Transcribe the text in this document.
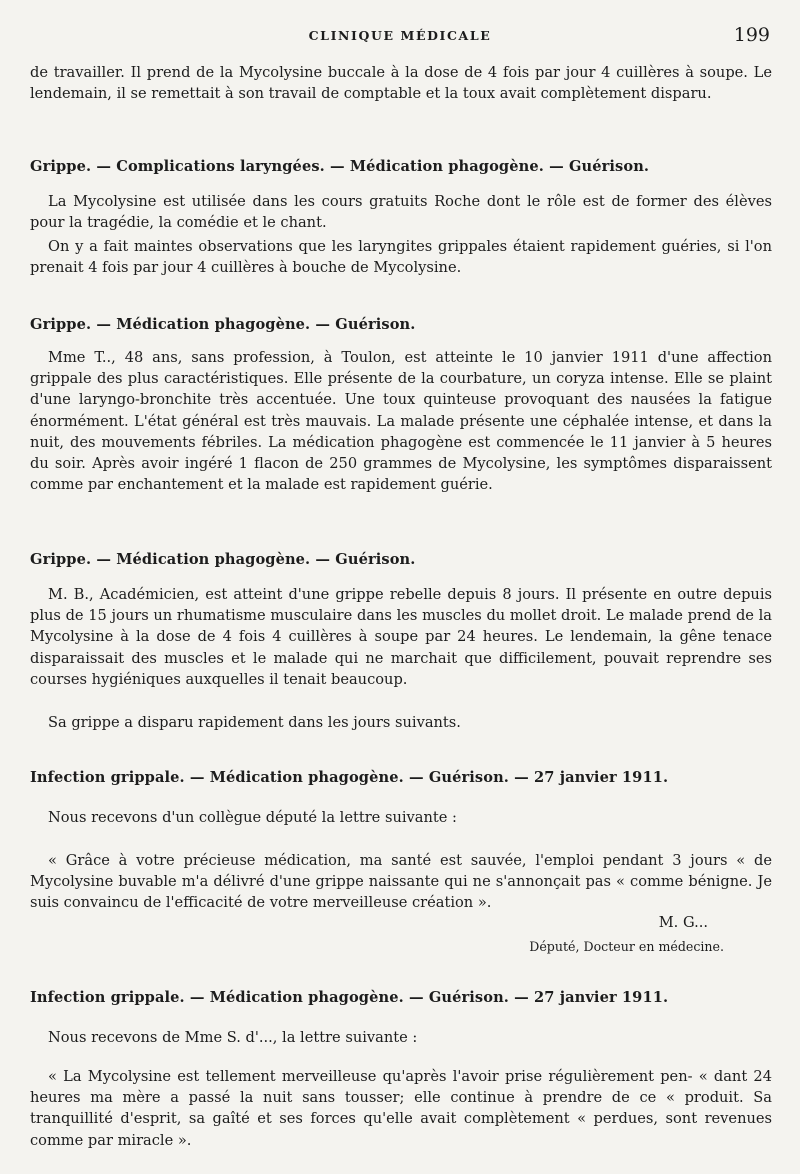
CLINIQUE MÉDICALE	199

de travailler. Il prend de la Mycolysine buccale à la dose de 4 fois par jour 4 cuillères à soupe. Le lendemain, il se remettait à son travail de comptable et la toux avait complètement disparu.

Grippe. — Complications laryngées. — Médication phagogène. — Guérison.

La Mycolysine est utilisée dans les cours gratuits Roche dont le rôle est de former des élèves pour la tragédie, la comédie et le chant.

On y a fait maintes observations que les laryngites grippales étaient rapidement guéries, si l'on prenait 4 fois par jour 4 cuillères à bouche de Mycolysine.

Grippe. — Médication phagogène. — Guérison.

Mme T.., 48 ans, sans profession, à Toulon, est atteinte le 10 janvier 1911 d'une affection grippale des plus caractéristiques. Elle présente de la courbature, un coryza intense. Elle se plaint d'une laryngo-bronchite très accentuée. Une toux quinteuse provoquant des nausées la fatigue énormément. L'état général est très mauvais. La malade présente une céphalée intense, et dans la nuit, des mouvements fébriles. La médication phagogène est commencée le 11 janvier à 5 heures du soir. Après avoir ingéré 1 flacon de 250 grammes de Mycolysine, les symptômes disparaissent comme par enchantement et la malade est rapidement guérie.

Grippe. — Médication phagogène. — Guérison.

M. B., Académicien, est atteint d'une grippe rebelle depuis 8 jours. Il présente en outre depuis plus de 15 jours un rhumatisme musculaire dans les muscles du mollet droit. Le malade prend de la Mycolysine à la dose de 4 fois 4 cuillères à soupe par 24 heures. Le lendemain, la gêne tenace disparaissait des muscles et le malade qui ne marchait que difficilement, pouvait reprendre ses courses hygiéniques auxquelles il tenait beaucoup.

Sa grippe a disparu rapidement dans les jours suivants.

Infection grippale. — Médication phagogène. — Guérison. — 27 janvier 1911.

Nous recevons d'un collègue député la lettre suivante :

« Grâce à votre précieuse médication, ma santé est sauvée, l'emploi pendant 3 jours « de Mycolysine buvable m'a délivré d'une grippe naissante qui ne s'annonçait pas « comme bénigne. Je suis convaincu de l'efficacité de votre merveilleuse création ».

M. G...
Député, Docteur en médecine.
Infection grippale. — Médication phagogène. — Guérison. — 27 janvier 1911.

Nous recevons de Mme S. d'..., la lettre suivante :

« La Mycolysine est tellement merveilleuse qu'après l'avoir prise régulièrement pen- « dant 24 heures ma mère a passé la nuit sans tousser; elle continue à prendre de ce « produit. Sa tranquillité d'esprit, sa gaîté et ses forces qu'elle avait complètement « perdues, sont revenues comme par miracle ».
